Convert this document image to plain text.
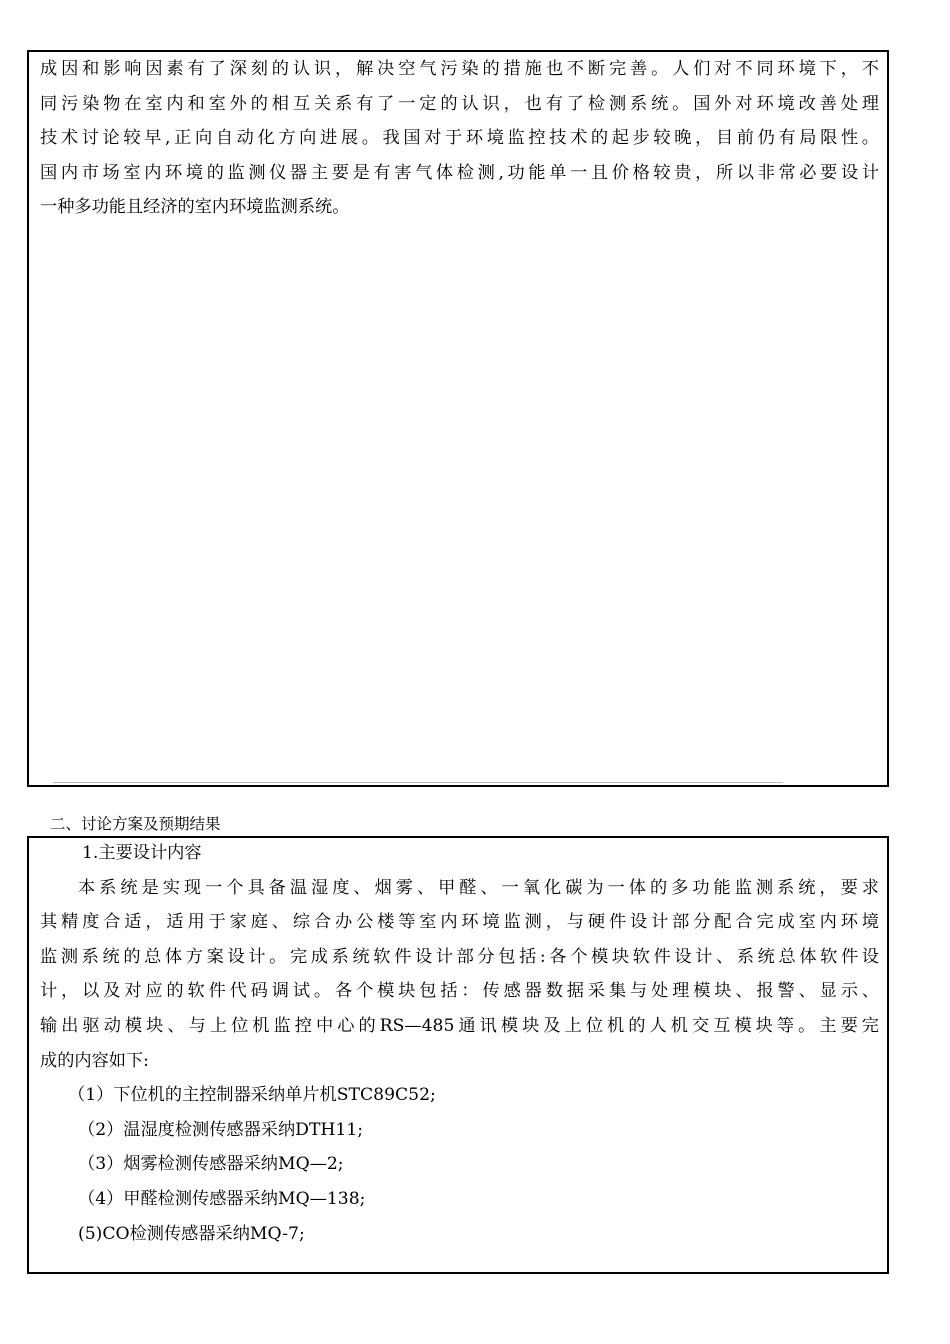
成因和影响因素有了深刻的认识，解决空气污染的措施也不断完善。人们对不同环境下，不
同污染物在室内和室外的相互关系有了一定的认识，也有了检测系统。国外对环境改善处理
技术讨论较早,正向自动化方向进展。我国对于环境监控技术的起步较晚，目前仍有局限性。
国内市场室内环境的监测仪器主要是有害气体检测,功能单一且价格较贵，所以非常必要设计
一种多功能且经济的室内环境监测系统。
二、讨论方案及预期结果
1.主要设计内容
本系统是实现一个具备温湿度、烟雾、甲醛、一氧化碳为一体的多功能监测系统，要求
其精度合适，适用于家庭、综合办公楼等室内环境监测，与硬件设计部分配合完成室内环境
监测系统的总体方案设计。完成系统软件设计部分包括:各个模块软件设计、系统总体软件设
计，以及对应的软件代码调试。各个模块包括：传感器数据采集与处理模块、报警、显示、
输出驱动模块、与上位机监控中心的RS—485通讯模块及上位机的人机交互模块等。主要完
成的内容如下:
（1）下位机的主控制器采纳单片机STC89C52;
（2）温湿度检测传感器采纳DTH11;
（3）烟雾检测传感器采纳MQ—2;
（4）甲醛检测传感器采纳MQ—138;
(5)CO检测传感器采纳MQ-7;
